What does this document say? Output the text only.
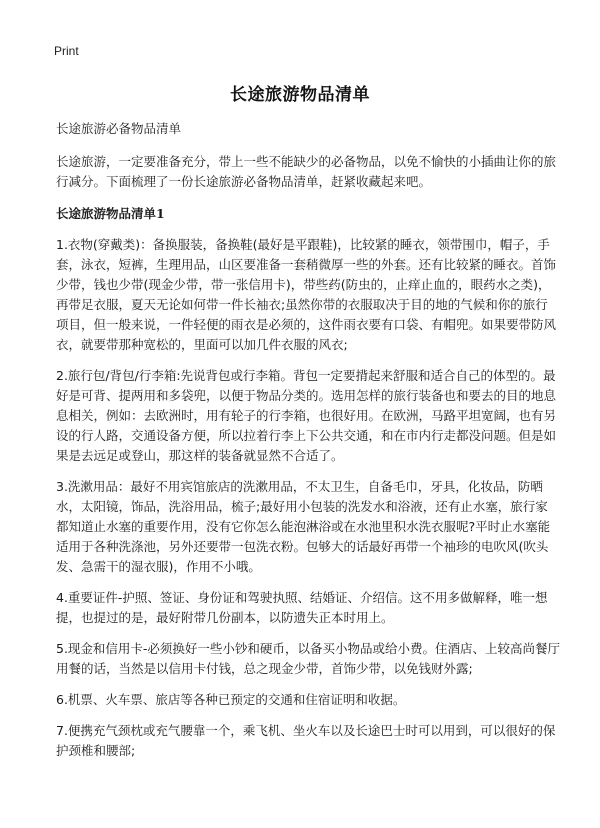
Print
长途旅游物品清单

长途旅游必备物品清单

长途旅游，一定要准备充分，带上一些不能缺少的必备物品，以免不愉快的小插曲让你的旅行减分。下面梳理了一份长途旅游必备物品清单，赶紧收藏起来吧。

长途旅游物品清单1

1.衣物(穿戴类)：备换服装，备换鞋(最好是平跟鞋)，比较紧的睡衣，领带围巾，帽子，手套，泳衣，短裤，生理用品，山区要准备一套稍微厚一些的外套。还有比较紧的睡衣。首饰少带，钱也少带(现金少带，带一张信用卡)，带些药(防虫的，止痒止血的，眼药水之类)，再带足衣服，夏天无论如何带一件长袖衣;虽然你带的衣服取决于目的地的气候和你的旅行项目，但一般来说，一件轻便的雨衣是必须的，这件雨衣要有口袋、有帽兜。如果要带防风衣，就要带那种宽松的，里面可以加几件衣服的风衣;

2.旅行包/背包/行李箱:先说背包或行李箱。背包一定要揹起来舒服和适合自己的体型的。最好是可背、提两用和多袋兜，以便于物品分类的。选用怎样的旅行装备也和要去的目的地息息相关，例如：去欧洲时，用有轮子的行李箱，也很好用。在欧洲，马路平坦宽阔，也有另设的行人路，交通设备方便，所以拉着行李上下公共交通，和在市内行走都没问题。但是如果是去远足或登山，那这样的装备就显然不合适了。

3.洗漱用品：最好不用宾馆旅店的洗漱用品，不太卫生，自备毛巾，牙具，化妆品，防晒水，太阳镜，饰品，洗浴用品，梳子;最好用小包装的洗发水和浴液，还有止水塞，旅行家都知道止水塞的重要作用，没有它你怎么能泡淋浴或在水池里积水洗衣服呢?平时止水塞能适用于各种洗涤池，另外还要带一包洗衣粉。包够大的话最好再带一个袖珍的电吹风(吹头发、急需干的湿衣服)，作用不小哦。

4.重要证件-护照、签证、身份证和驾驶执照、结婚证、介绍信。这不用多做解释，唯一想提，也提过的是，最好附带几份副本，以防遗失正本时用上。

5.现金和信用卡-必须换好一些小钞和硬币，以备买小物品或给小费。住酒店、上较高尚餐厅用餐的话，当然是以信用卡付钱，总之现金少带，首饰少带，以免钱财外露;

6.机票、火车票、旅店等各种已预定的交通和住宿证明和收据。

7.便携充气颈枕或充气腰靠一个，乘飞机、坐火车以及长途巴士时可以用到，可以很好的保护颈椎和腰部;
